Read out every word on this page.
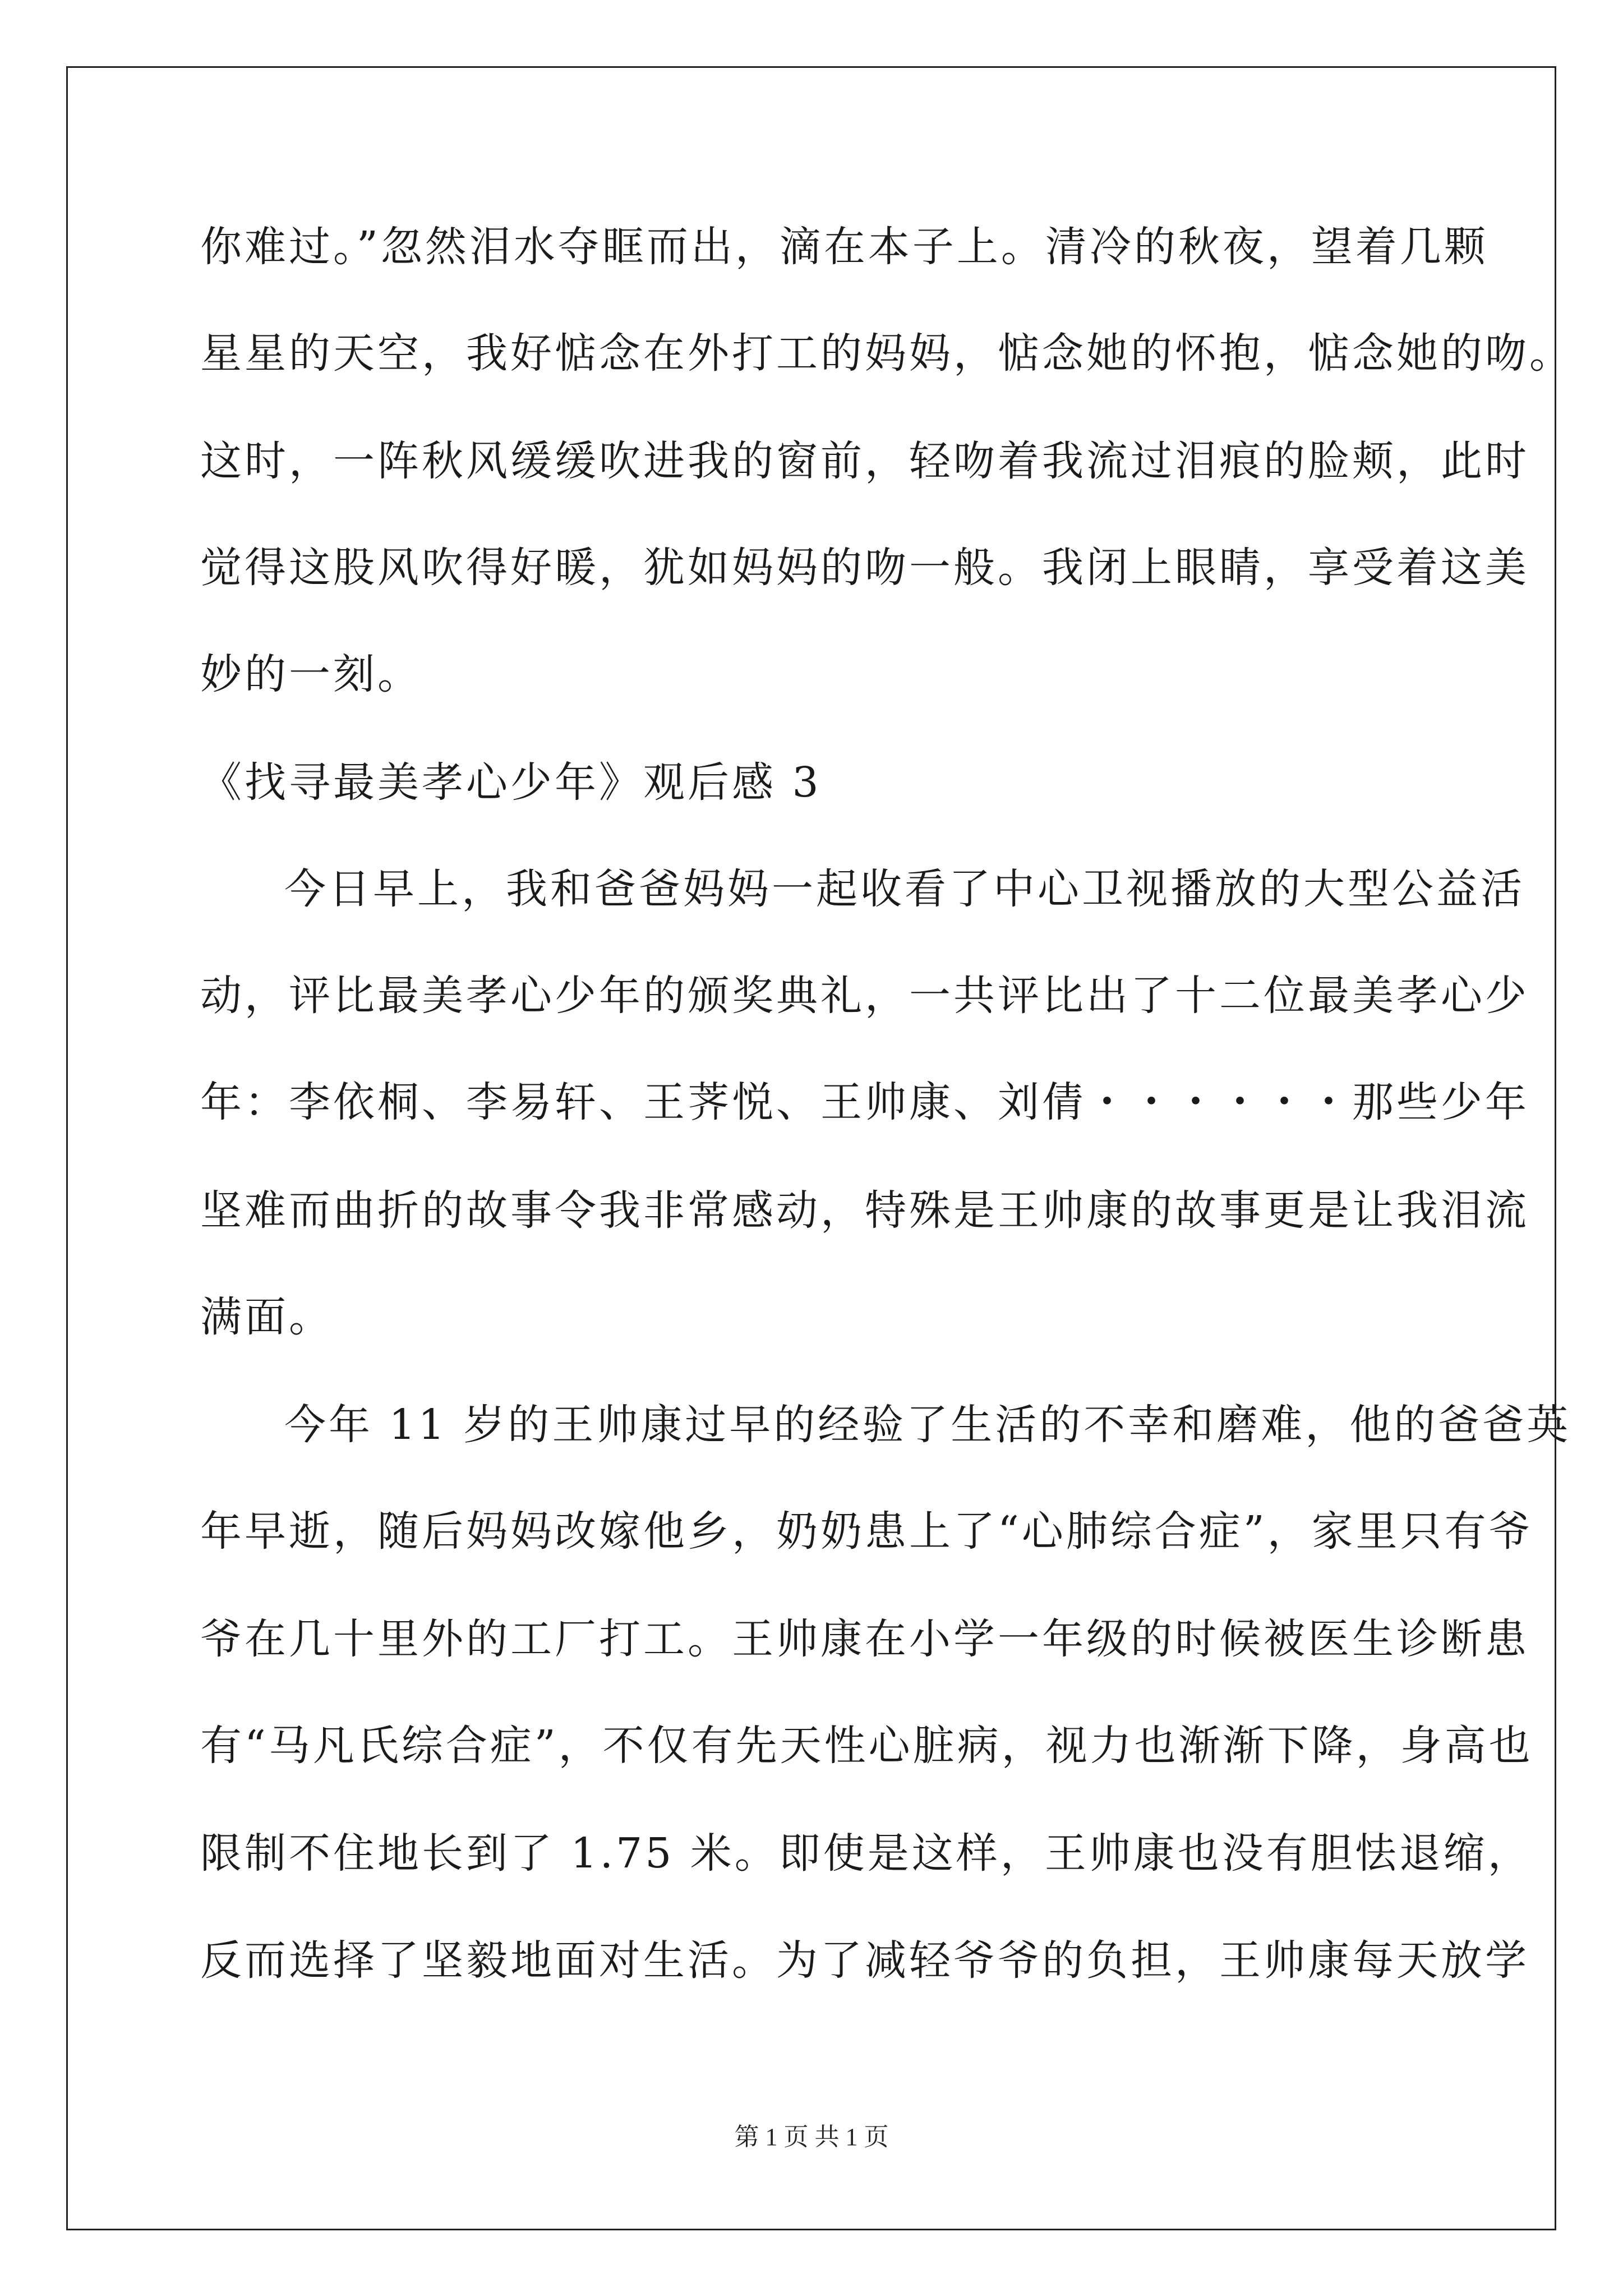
你难过。”忽然泪水夺眶而出，滴在本子上。清冷的秋夜，望着几颗
星星的天空，我好惦念在外打工的妈妈，惦念她的怀抱，惦念她的吻。
这时，一阵秋风缓缓吹进我的窗前，轻吻着我流过泪痕的脸颊，此时
觉得这股风吹得好暖，犹如妈妈的吻一般。我闭上眼睛，享受着这美
妙的一刻。
《找寻最美孝心少年》观后感 3
今日早上，我和爸爸妈妈一起收看了中心卫视播放的大型公益活
动，评比最美孝心少年的颁奖典礼，一共评比出了十二位最美孝心少
年：李依桐、李易轩、王荠悦、王帅康、刘倩・・・・・・那些少年
坚难而曲折的故事令我非常感动，特殊是王帅康的故事更是让我泪流
满面。
今年 11 岁的王帅康过早的经验了生活的不幸和磨难，他的爸爸英
年早逝，随后妈妈改嫁他乡，奶奶患上了“心肺综合症”，家里只有爷
爷在几十里外的工厂打工。王帅康在小学一年级的时候被医生诊断患
有“马凡氏综合症”，不仅有先天性心脏病，视力也渐渐下降，身高也
限制不住地长到了 1.75 米。即使是这样，王帅康也没有胆怯退缩，
反而选择了坚毅地面对生活。为了减轻爷爷的负担，王帅康每天放学
第 1 页 共 1 页
